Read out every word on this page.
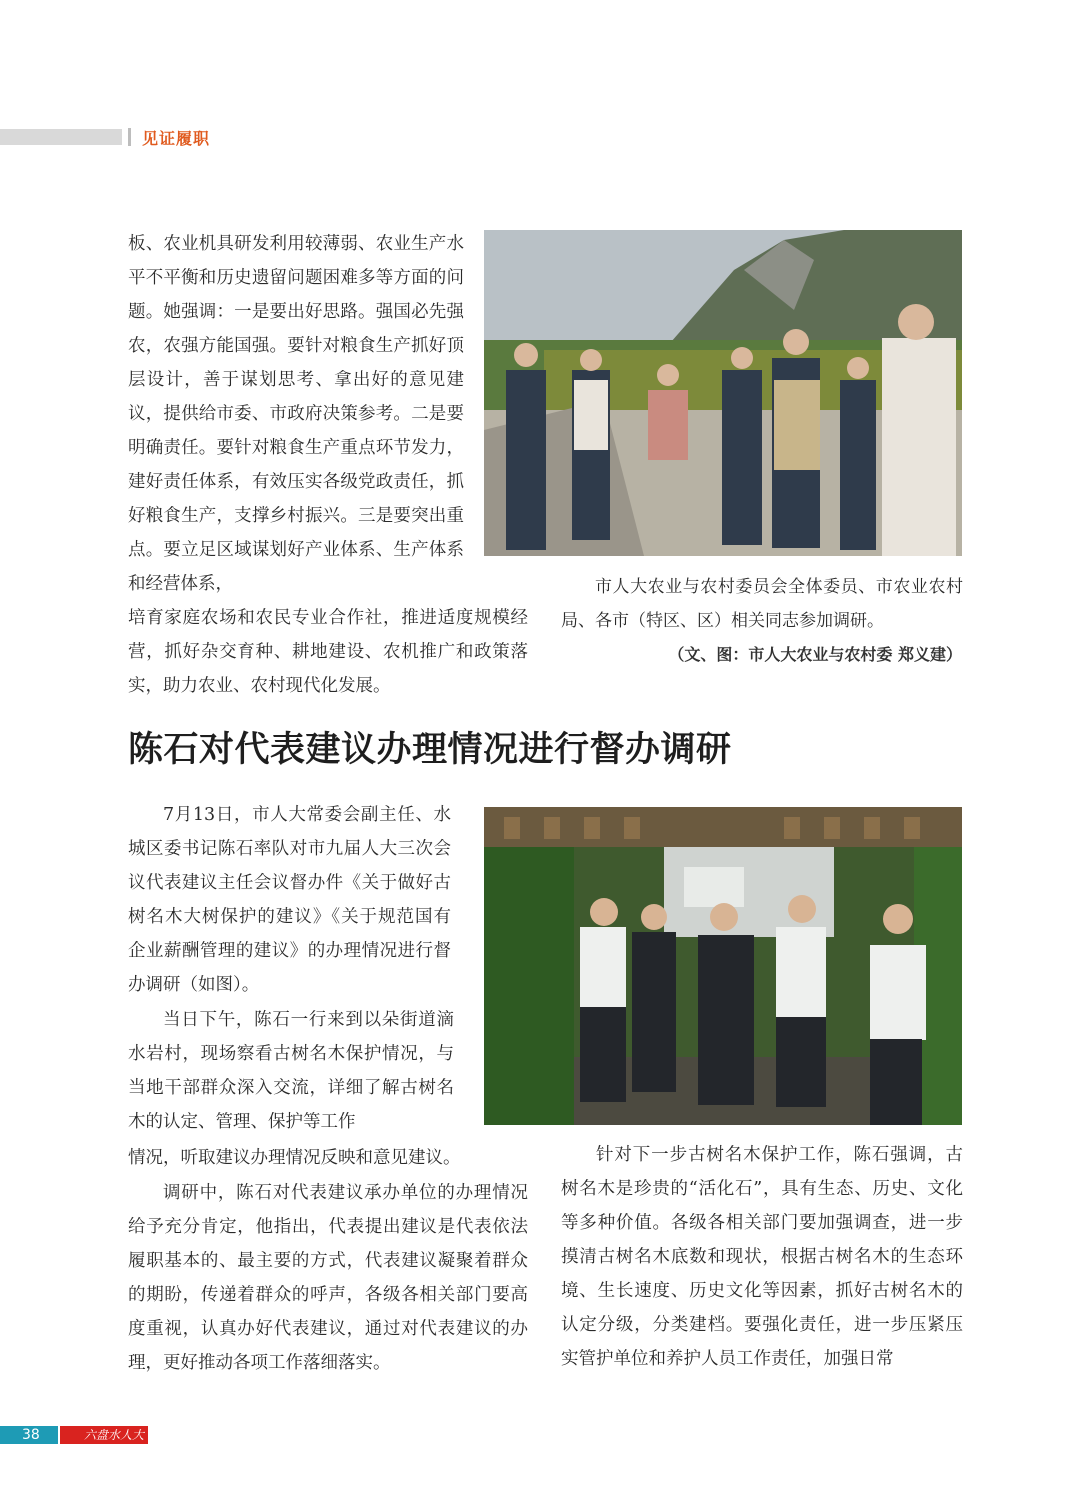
见证履职

板、农业机具研发利用较薄弱、农业生产水平不平衡和历史遗留问题困难多等方面的问题。她强调：一是要出好思路。强国必先强农，农强方能国强。要针对粮食生产抓好顶层设计，善于谋划思考、拿出好的意见建议，提供给市委、市政府决策参考。二是要明确责任。要针对粮食生产重点环节发力，建好责任体系，有效压实各级党政责任，抓好粮食生产，支撑乡村振兴。三是要突出重点。要立足区域谋划好产业体系、生产体系和经营体系，	市人大农业与农村委员会全体委员、市农业农村局、各市（特区、区）相关同志参加调研。

（文、图：市人大农业与农村委 郑义建）

培育家庭农场和农民专业合作社，推进适度规模经营，抓好杂交育种、耕地建设、农机推广和政策落实，助力农业、农村现代化发展。

陈石对代表建议办理情况进行督办调研

7月13日，市人大常委会副主任、水城区委书记陈石率队对市九届人大三次会议代表建议主任会议督办件《关于做好古树名木大树保护的建议》《关于规范国有企业薪酬管理的建议》的办理情况进行督办调研（如图）。

当日下午，陈石一行来到以朵街道滴水岩村，现场察看古树名木保护情况，与当地干部群众深入交流，详细了解古树名木的认定、管理、保护等工作

情况，听取建议办理情况反映和意见建议。

调研中，陈石对代表建议承办单位的办理情况给予充分肯定，他指出，代表提出建议是代表依法履职基本的、最主要的方式，代表建议凝聚着群众的期盼，传递着群众的呼声，各级各相关部门要高度重视，认真办好代表建议，通过对代表建议的办理，更好推动各项工作落细落实。

针对下一步古树名木保护工作，陈石强调，古树名木是珍贵的“活化石”，具有生态、历史、文化等多种价值。各级各相关部门要加强调查，进一步摸清古树名木底数和现状，根据古树名木的生态环境、生长速度、历史文化等因素，抓好古树名木的认定分级，分类建档。要强化责任，进一步压紧压实管护单位和养护人员工作责任，加强日常

38	六盘水人大
